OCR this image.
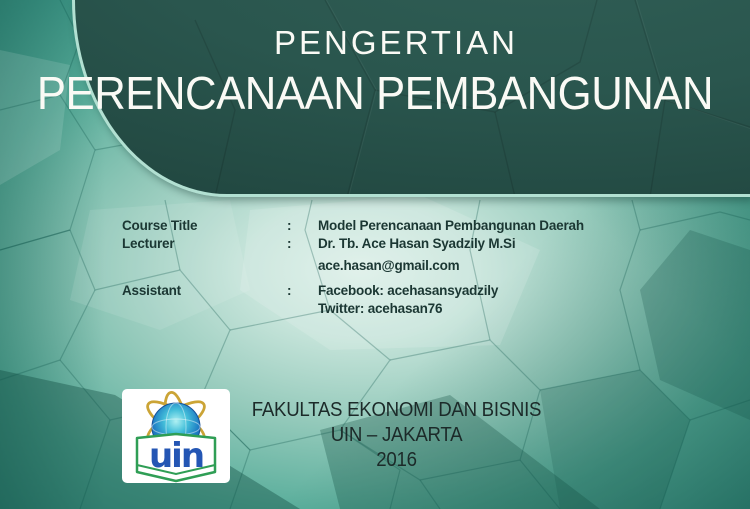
PENGERTIAN
PERENCANAAN PEMBANGUNAN
Course Title	:	Model Perencanaan Pembangunan Daerah
Lecturer	:	Dr. Tb. Ace Hasan Syadzily M.Si
ace.hasan@gmail.com
Assistant	:	Facebook: acehasansyadzily
Twitter: acehasan76
uin
FAKULTAS EKONOMI DAN BISNIS
UIN – JAKARTA
2016
